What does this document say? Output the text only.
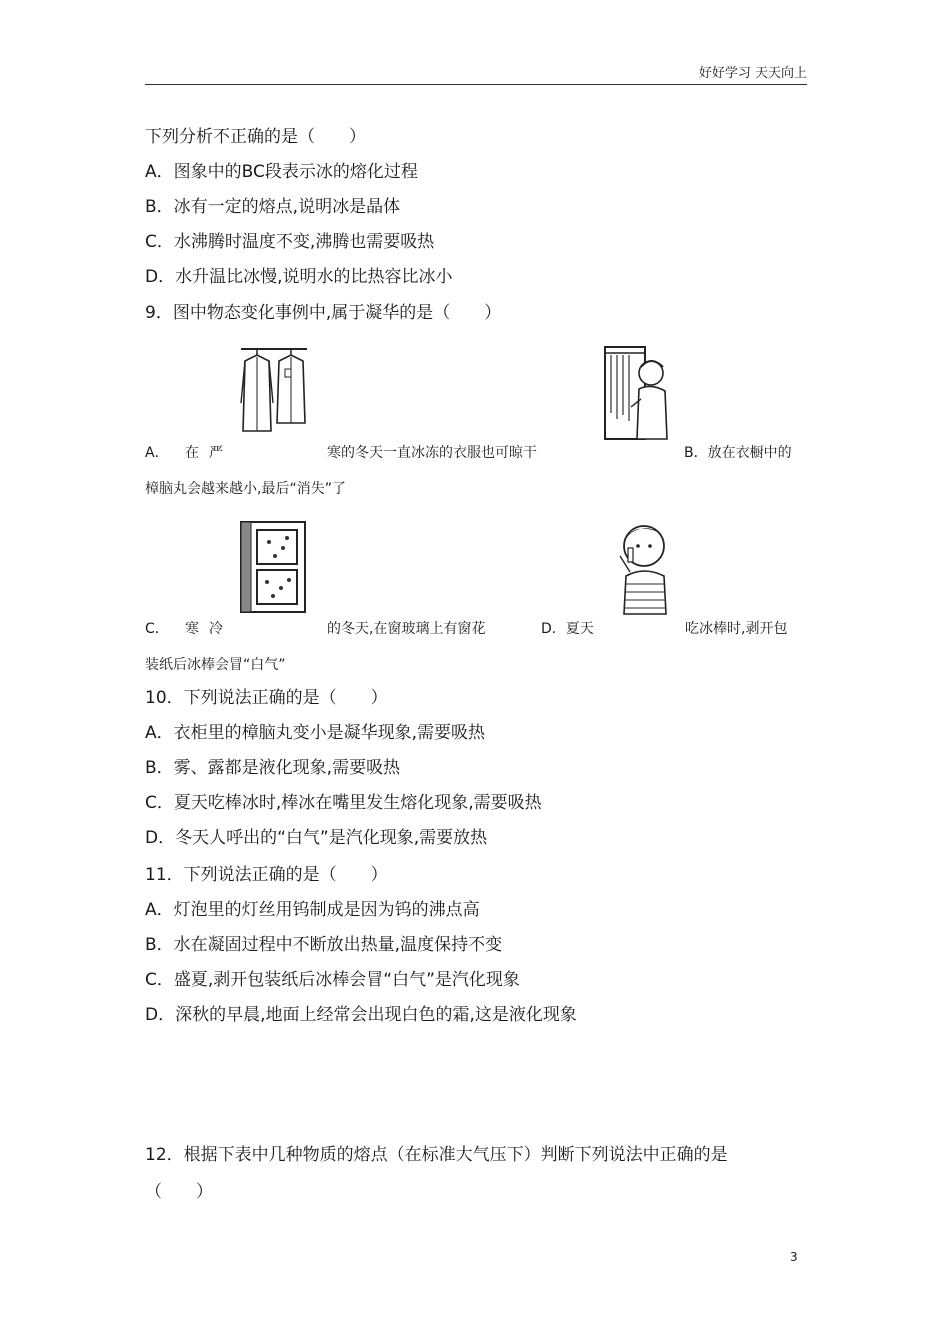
好好学习 天天向上
下列分析不正确的是（　　）
A．图象中的BC段表示冰的熔化过程
B．冰有一定的熔点,说明冰是晶体
C．水沸腾时温度不变,沸腾也需要吸热
D．水升温比冰慢,说明水的比热容比冰小
9．图中物态变化事例中,属于凝华的是（　　）
A． 在严	寒的冬天一直冰冻的衣服也可晾干	B．放在衣橱中的
樟脑丸会越来越小,最后“消失”了
C． 寒冷	的冬天,在窗玻璃上有窗花	D．夏天	吃冰棒时,剥开包
装纸后冰棒会冒“白气”
10．下列说法正确的是（　　）
A．衣柜里的樟脑丸变小是凝华现象,需要吸热
B．雾、露都是液化现象,需要吸热
C．夏天吃棒冰时,棒冰在嘴里发生熔化现象,需要吸热
D．冬天人呼出的“白气”是汽化现象,需要放热
11．下列说法正确的是（　　）
A．灯泡里的灯丝用钨制成是因为钨的沸点高
B．水在凝固过程中不断放出热量,温度保持不变
C．盛夏,剥开包装纸后冰棒会冒“白气”是汽化现象
D．深秋的早晨,地面上经常会出现白色的霜,这是液化现象
12．根据下表中几种物质的熔点（在标准大气压下）判断下列说法中正确的是
（　　）
3
